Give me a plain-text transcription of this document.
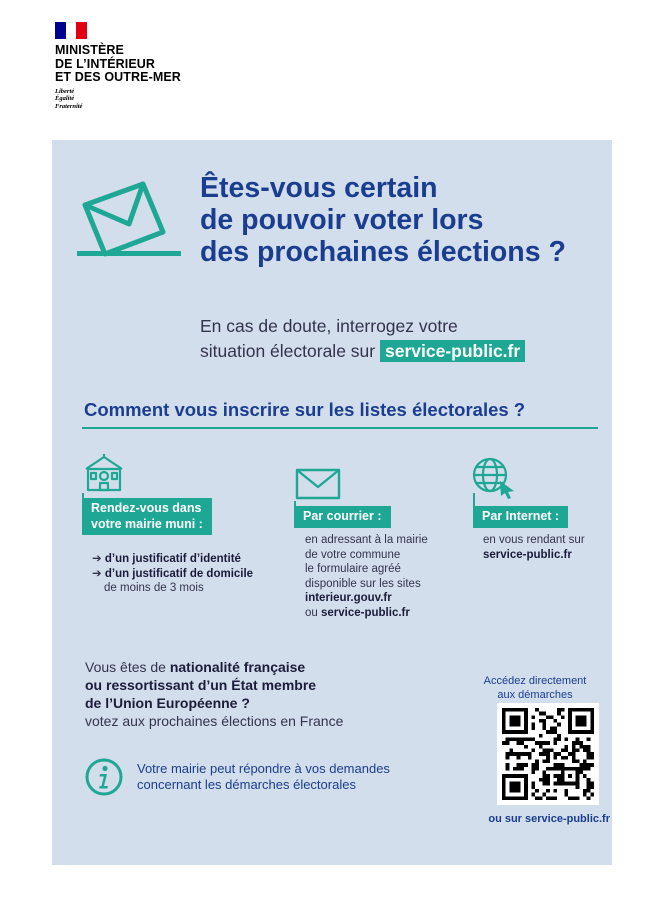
MINISTÈRE
DE L’INTÉRIEUR
ET DES OUTRE-MER
Liberté
Égalité
Fraternité
Êtes-vous certain
de pouvoir voter lors
des prochaines élections ?
En cas de doute, interrogez votre
situation électorale sur service-public.fr
Comment vous inscrire sur les listes électorales ?
Rendez-vous dans
votre mairie muni :
➔ d’un justificatif d’identité
➔ d’un justificatif de domicile
de moins de 3 mois
Par courrier :
en adressant à la mairie
de votre commune
le formulaire agréé
disponible sur les sites
interieur.gouv.fr
ou service-public.fr
Par Internet :
en vous rendant sur
service-public.fr
Vous êtes de nationalité française
ou ressortissant d’un État membre
de l’Union Européenne ?
votez aux prochaines élections en France
Votre mairie peut répondre à vos demandes
concernant les démarches électorales
Accédez directement
aux démarches
ou sur service-public.fr
